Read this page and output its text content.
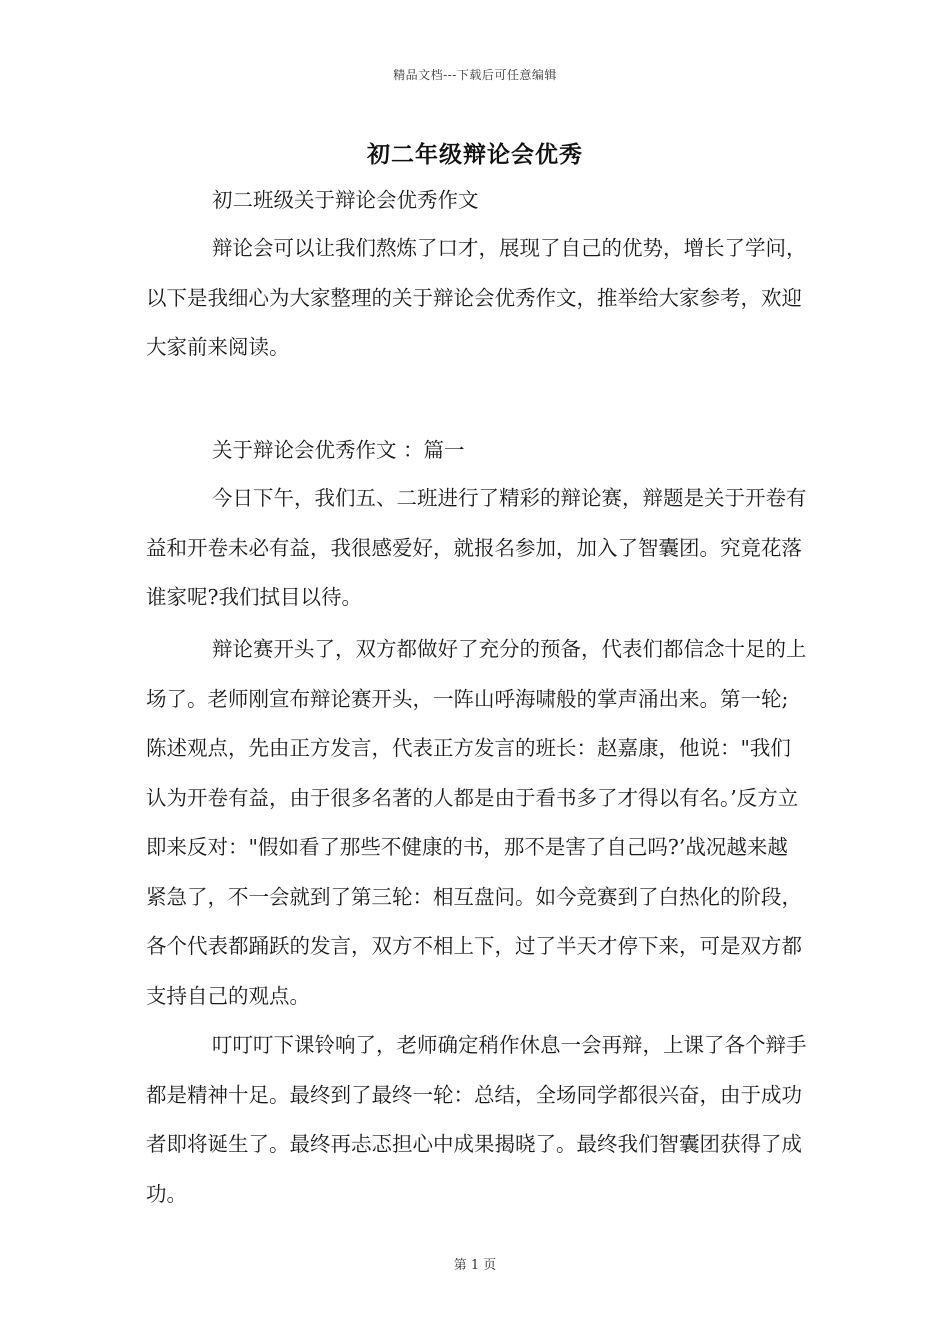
精品文档---下载后可任意编辑
初二年级辩论会优秀
初二班级关于辩论会优秀作文

辩论会可以让我们熬炼了口才，展现了自己的优势，增长了学问，以下是我细心为大家整理的关于辩论会优秀作文，推举给大家参考，欢迎大家前来阅读。

关于辩论会优秀作文 ：篇一

今日下午，我们五、二班进行了精彩的辩论赛，辩题是关于开卷有益和开卷未必有益，我很感爱好，就报名参加，加入了智囊团。究竟花落谁家呢?我们拭目以待。

辩论赛开头了，双方都做好了充分的预备，代表们都信念十足的上场了。老师刚宣布辩论赛开头，一阵山呼海啸般的掌声涌出来。第一轮;陈述观点，先由正方发言，代表正方发言的班长：赵嘉康，他说："我们认为开卷有益，由于很多名著的人都是由于看书多了才得以有名。’反方立即来反对："假如看了那些不健康的书，那不是害了自己吗?’战况越来越紧急了，不一会就到了第三轮：相互盘问。如今竞赛到了白热化的阶段，各个代表都踊跃的发言，双方不相上下，过了半天才停下来，可是双方都支持自己的观点。

叮叮叮下课铃响了，老师确定稍作休息一会再辩，上课了各个辩手都是精神十足。最终到了最终一轮：总结，全场同学都很兴奋，由于成功者即将诞生了。最终再忐忑担心中成果揭晓了。最终我们智囊团获得了成功。

第 1 页
